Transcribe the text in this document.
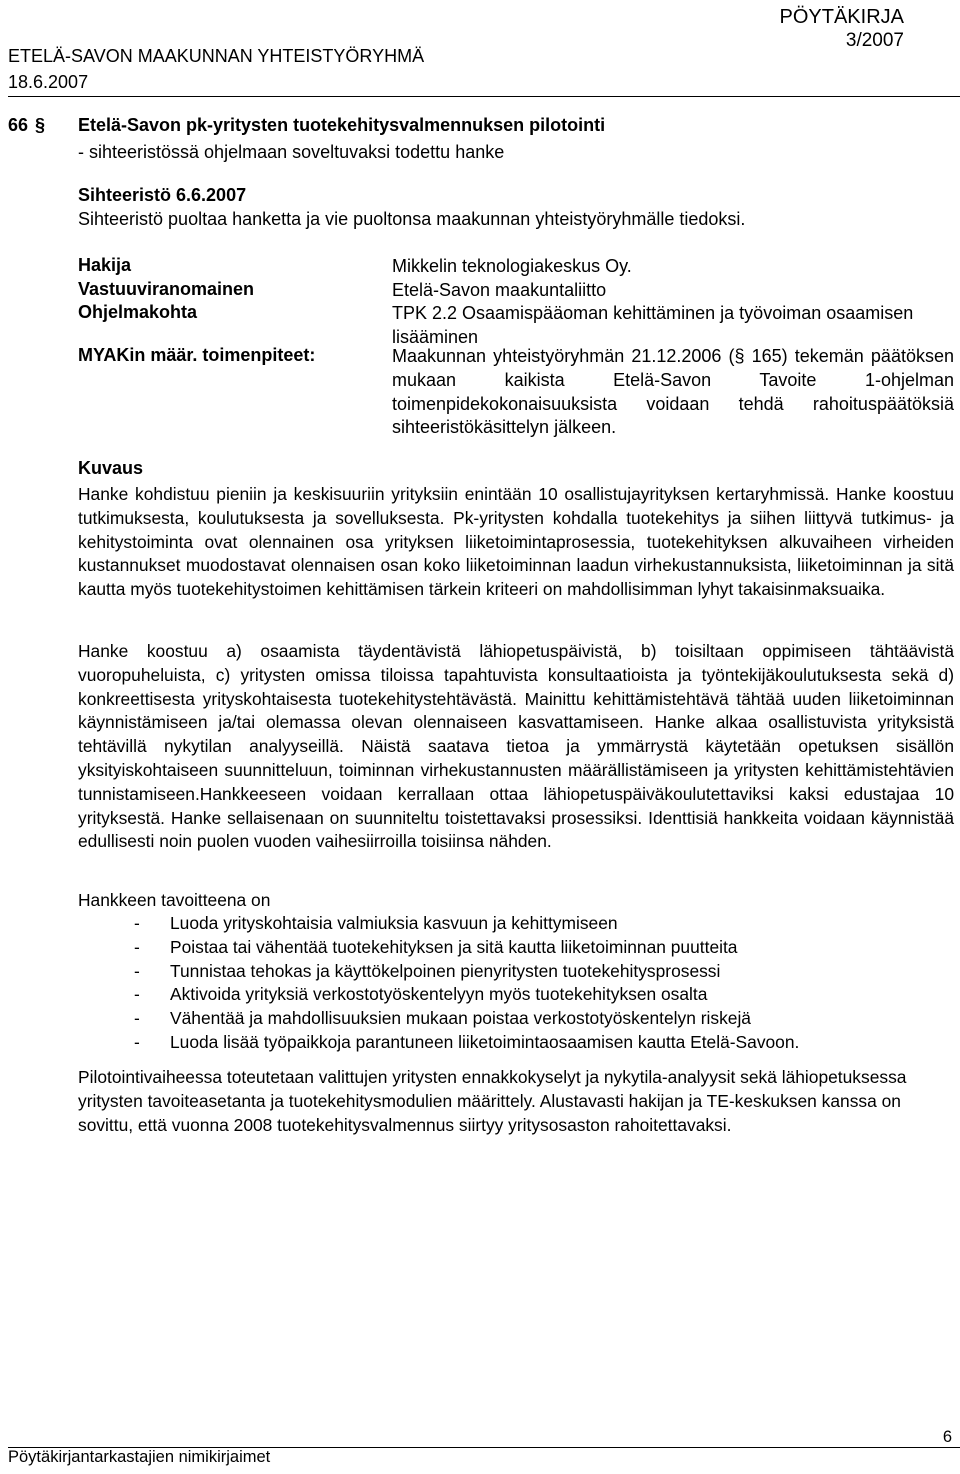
PÖYTÄKIRJA
3/2007
ETELÄ-SAVON MAAKUNNAN YHTEISTYÖRYHMÄ
18.6.2007
66 § Etelä-Savon pk-yritysten tuotekehitysvalmennuksen pilotointi
- sihteeristössä ohjelmaan soveltuvaksi todettu hanke
Sihteeristö 6.6.2007
Sihteeristö puoltaa hanketta ja vie puoltonsa maakunnan yhteistyöryhmälle tiedoksi.
Hakija	Mikkelin teknologiakeskus Oy.
Vastuuviranomainen	Etelä-Savon maakuntaliitto
Ohjelmakohta	TPK 2.2 Osaamispääoman kehittäminen ja työvoiman osaamisen
lisääminen
MYAKin määr. toimenpiteet:	Maakunnan yhteistyöryhmän 21.12.2006 (§ 165) tekemän päätöksen mukaan kaikista Etelä-Savon Tavoite 1-ohjelman toimenpidekokonaisuuksista voidaan tehdä rahoituspäätöksiä sihteeristökäsittelyn jälkeen.
Kuvaus
Hanke kohdistuu pieniin ja keskisuuriin yrityksiin enintään 10 osallistujayrityksen kertaryhmissä. Hanke koostuu tutkimuksesta, koulutuksesta ja sovelluksesta. Pk-yritysten kohdalla tuotekehitys ja siihen liittyvä tutkimus- ja kehitystoiminta ovat olennainen osa yrityksen liiketoimintaprosessia, tuotekehityksen alkuvaiheen virheiden kustannukset muodostavat olennaisen osan koko liiketoiminnan laadun virhekustannuksista, liiketoiminnan ja sitä kautta myös tuotekehitystoimen kehittämisen tärkein kriteeri on mahdollisimman lyhyt takaisinmaksuaika.
Hanke koostuu a) osaamista täydentävistä lähiopetuspäivistä, b) toisiltaan oppimiseen tähtäävistä vuoropuheluista, c) yritysten omissa tiloissa tapahtuvista konsultaatioista ja työntekijäkoulutuksesta sekä d) konkreettisesta yrityskohtaisesta tuotekehitystehtävästä. Mainittu kehittämistehtävä tähtää uuden liiketoiminnan käynnistämiseen ja/tai olemassa olevan olennaiseen kasvattamiseen. Hanke alkaa osallistuvista yrityksistä tehtävillä nykytilan analyyseillä. Näistä saatava tietoa ja ymmärrystä käytetään opetuksen sisällön yksityiskohtaiseen suunnitteluun, toiminnan virhekustannusten määrällistämiseen ja yritysten kehittämistehtävien tunnistamiseen.Hankkeeseen voidaan kerrallaan ottaa lähiopetuspäiväkoulutettaviksi kaksi edustajaa 10 yrityksestä. Hanke sellaisenaan on suunniteltu toistettavaksi prosessiksi. Identtisiä hankkeita voidaan käynnistää edullisesti noin puolen vuoden vaihesiirroilla toisiinsa nähden.
Hankkeen tavoitteena on
- Luoda yrityskohtaisia valmiuksia kasvuun ja kehittymiseen
- Poistaa tai vähentää tuotekehityksen ja sitä kautta liiketoiminnan puutteita
- Tunnistaa tehokas ja käyttökelpoinen pienyritysten tuotekehitysprosessi
- Aktivoida yrityksiä verkostotyöskentelyyn myös tuotekehityksen osalta
- Vähentää ja mahdollisuuksien mukaan poistaa verkostotyöskentelyn riskejä
- Luoda lisää työpaikkoja parantuneen liiketoimintaosaamisen kautta Etelä-Savoon.
Pilotointivaiheessa toteutetaan valittujen yritysten ennakkokyselyt ja nykytila-analyysit sekä lähiopetuksessa yritysten tavoiteasetanta ja tuotekehitysmodulien määrittely. Alustavasti hakijan ja TE-keskuksen kanssa on sovittu, että vuonna 2008 tuotekehitysvalmennus siirtyy yritysosaston rahoitettavaksi.
6
Pöytäkirjantarkastajien nimikirjaimet
